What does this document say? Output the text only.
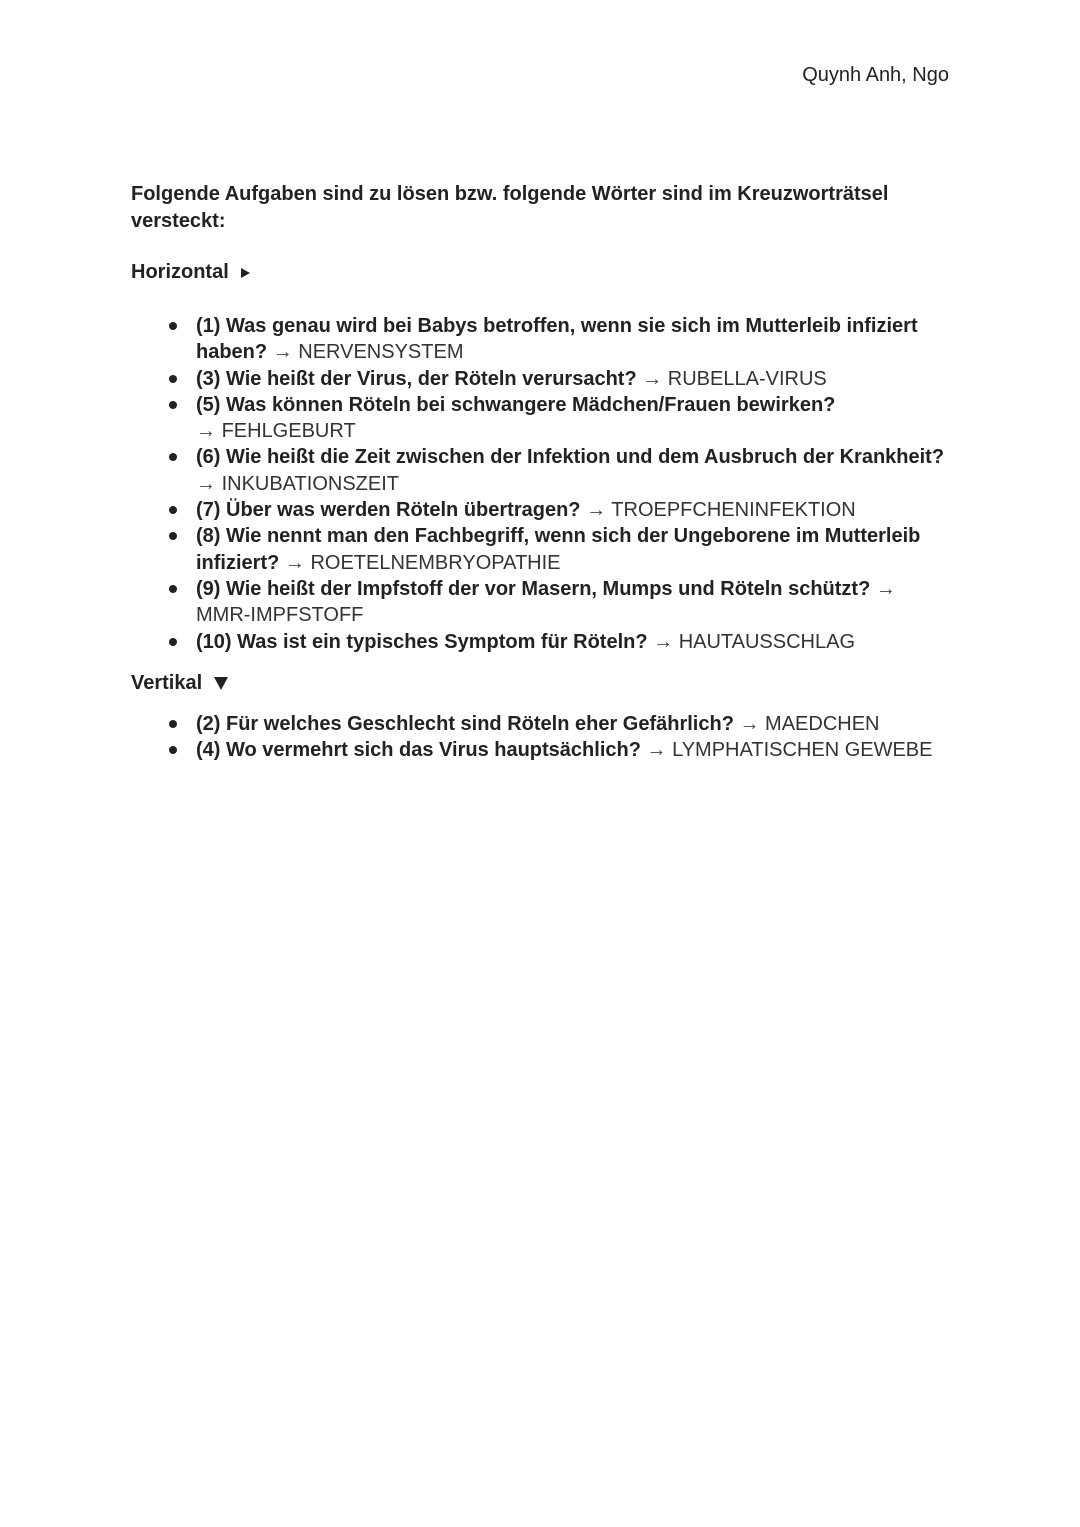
Quynh Anh, Ngo
Folgende Aufgaben sind zu lösen bzw. folgende Wörter sind im Kreuzworträtsel versteckt:
Horizontal
(1) Was genau wird bei Babys betroffen, wenn sie sich im Mutterleib infiziert haben? → NERVENSYSTEM
(3) Wie heißt der Virus, der Röteln verursacht? → RUBELLA-VIRUS
(5) Was können Röteln bei schwangere Mädchen/Frauen bewirken?
→ FEHLGEBURT
(6) Wie heißt die Zeit zwischen der Infektion und dem Ausbruch der Krankheit?
→ INKUBATIONSZEIT
(7) Über was werden Röteln übertragen? → TROEPFCHENINFEKTION
(8) Wie nennt man den Fachbegriff, wenn sich der Ungeborene im Mutterleib infiziert? → ROETELNEMBRYOPATHIE
(9) Wie heißt der Impfstoff der vor Masern, Mumps und Röteln schützt? →
MMR-IMPFSTOFF
(10) Was ist ein typisches Symptom für Röteln? → HAUTAUSSCHLAG
Vertikal
(2) Für welches Geschlecht sind Röteln eher Gefährlich? → MAEDCHEN
(4) Wo vermehrt sich das Virus hauptsächlich? → LYMPHATISCHEN GEWEBE
